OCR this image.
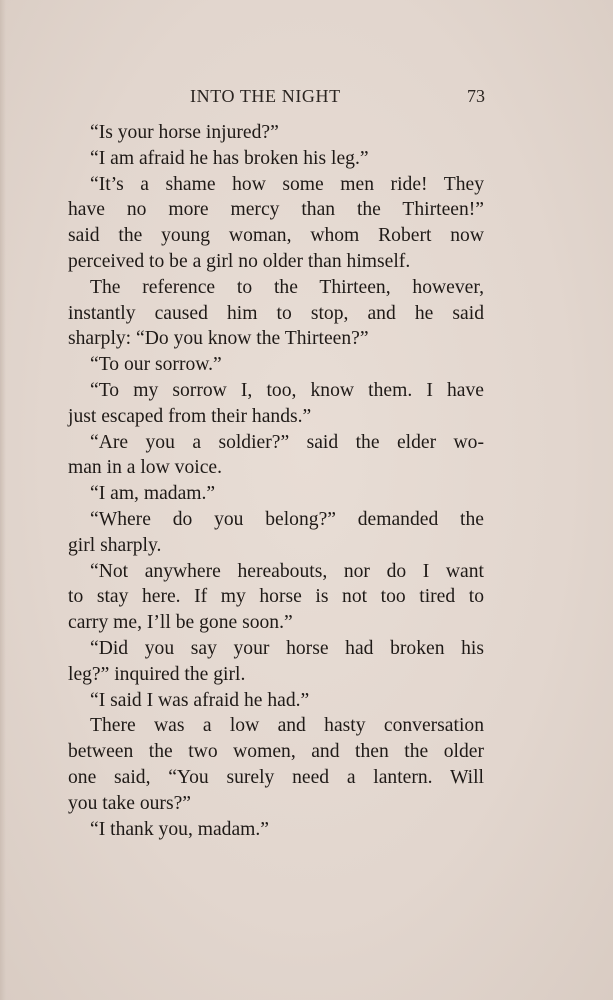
INTO THE NIGHT	73
“Is your horse injured?”
“I am afraid he has broken his leg.”
“It’s a shame how some men ride! They
have no more mercy than the Thirteen!”
said the young woman, whom Robert now
perceived to be a girl no older than himself.
The reference to the Thirteen, however,
instantly caused him to stop, and he said
sharply: “Do you know the Thirteen?”
“To our sorrow.”
“To my sorrow I, too, know them. I have
just escaped from their hands.”
“Are you a soldier?” said the elder wo-
man in a low voice.
“I am, madam.”
“Where do you belong?” demanded the
girl sharply.
“Not anywhere hereabouts, nor do I want
to stay here. If my horse is not too tired to
carry me, I’ll be gone soon.”
“Did you say your horse had broken his
leg?” inquired the girl.
“I said I was afraid he had.”
There was a low and hasty conversation
between the two women, and then the older
one said, “You surely need a lantern. Will
you take ours?”
“I thank you, madam.”
